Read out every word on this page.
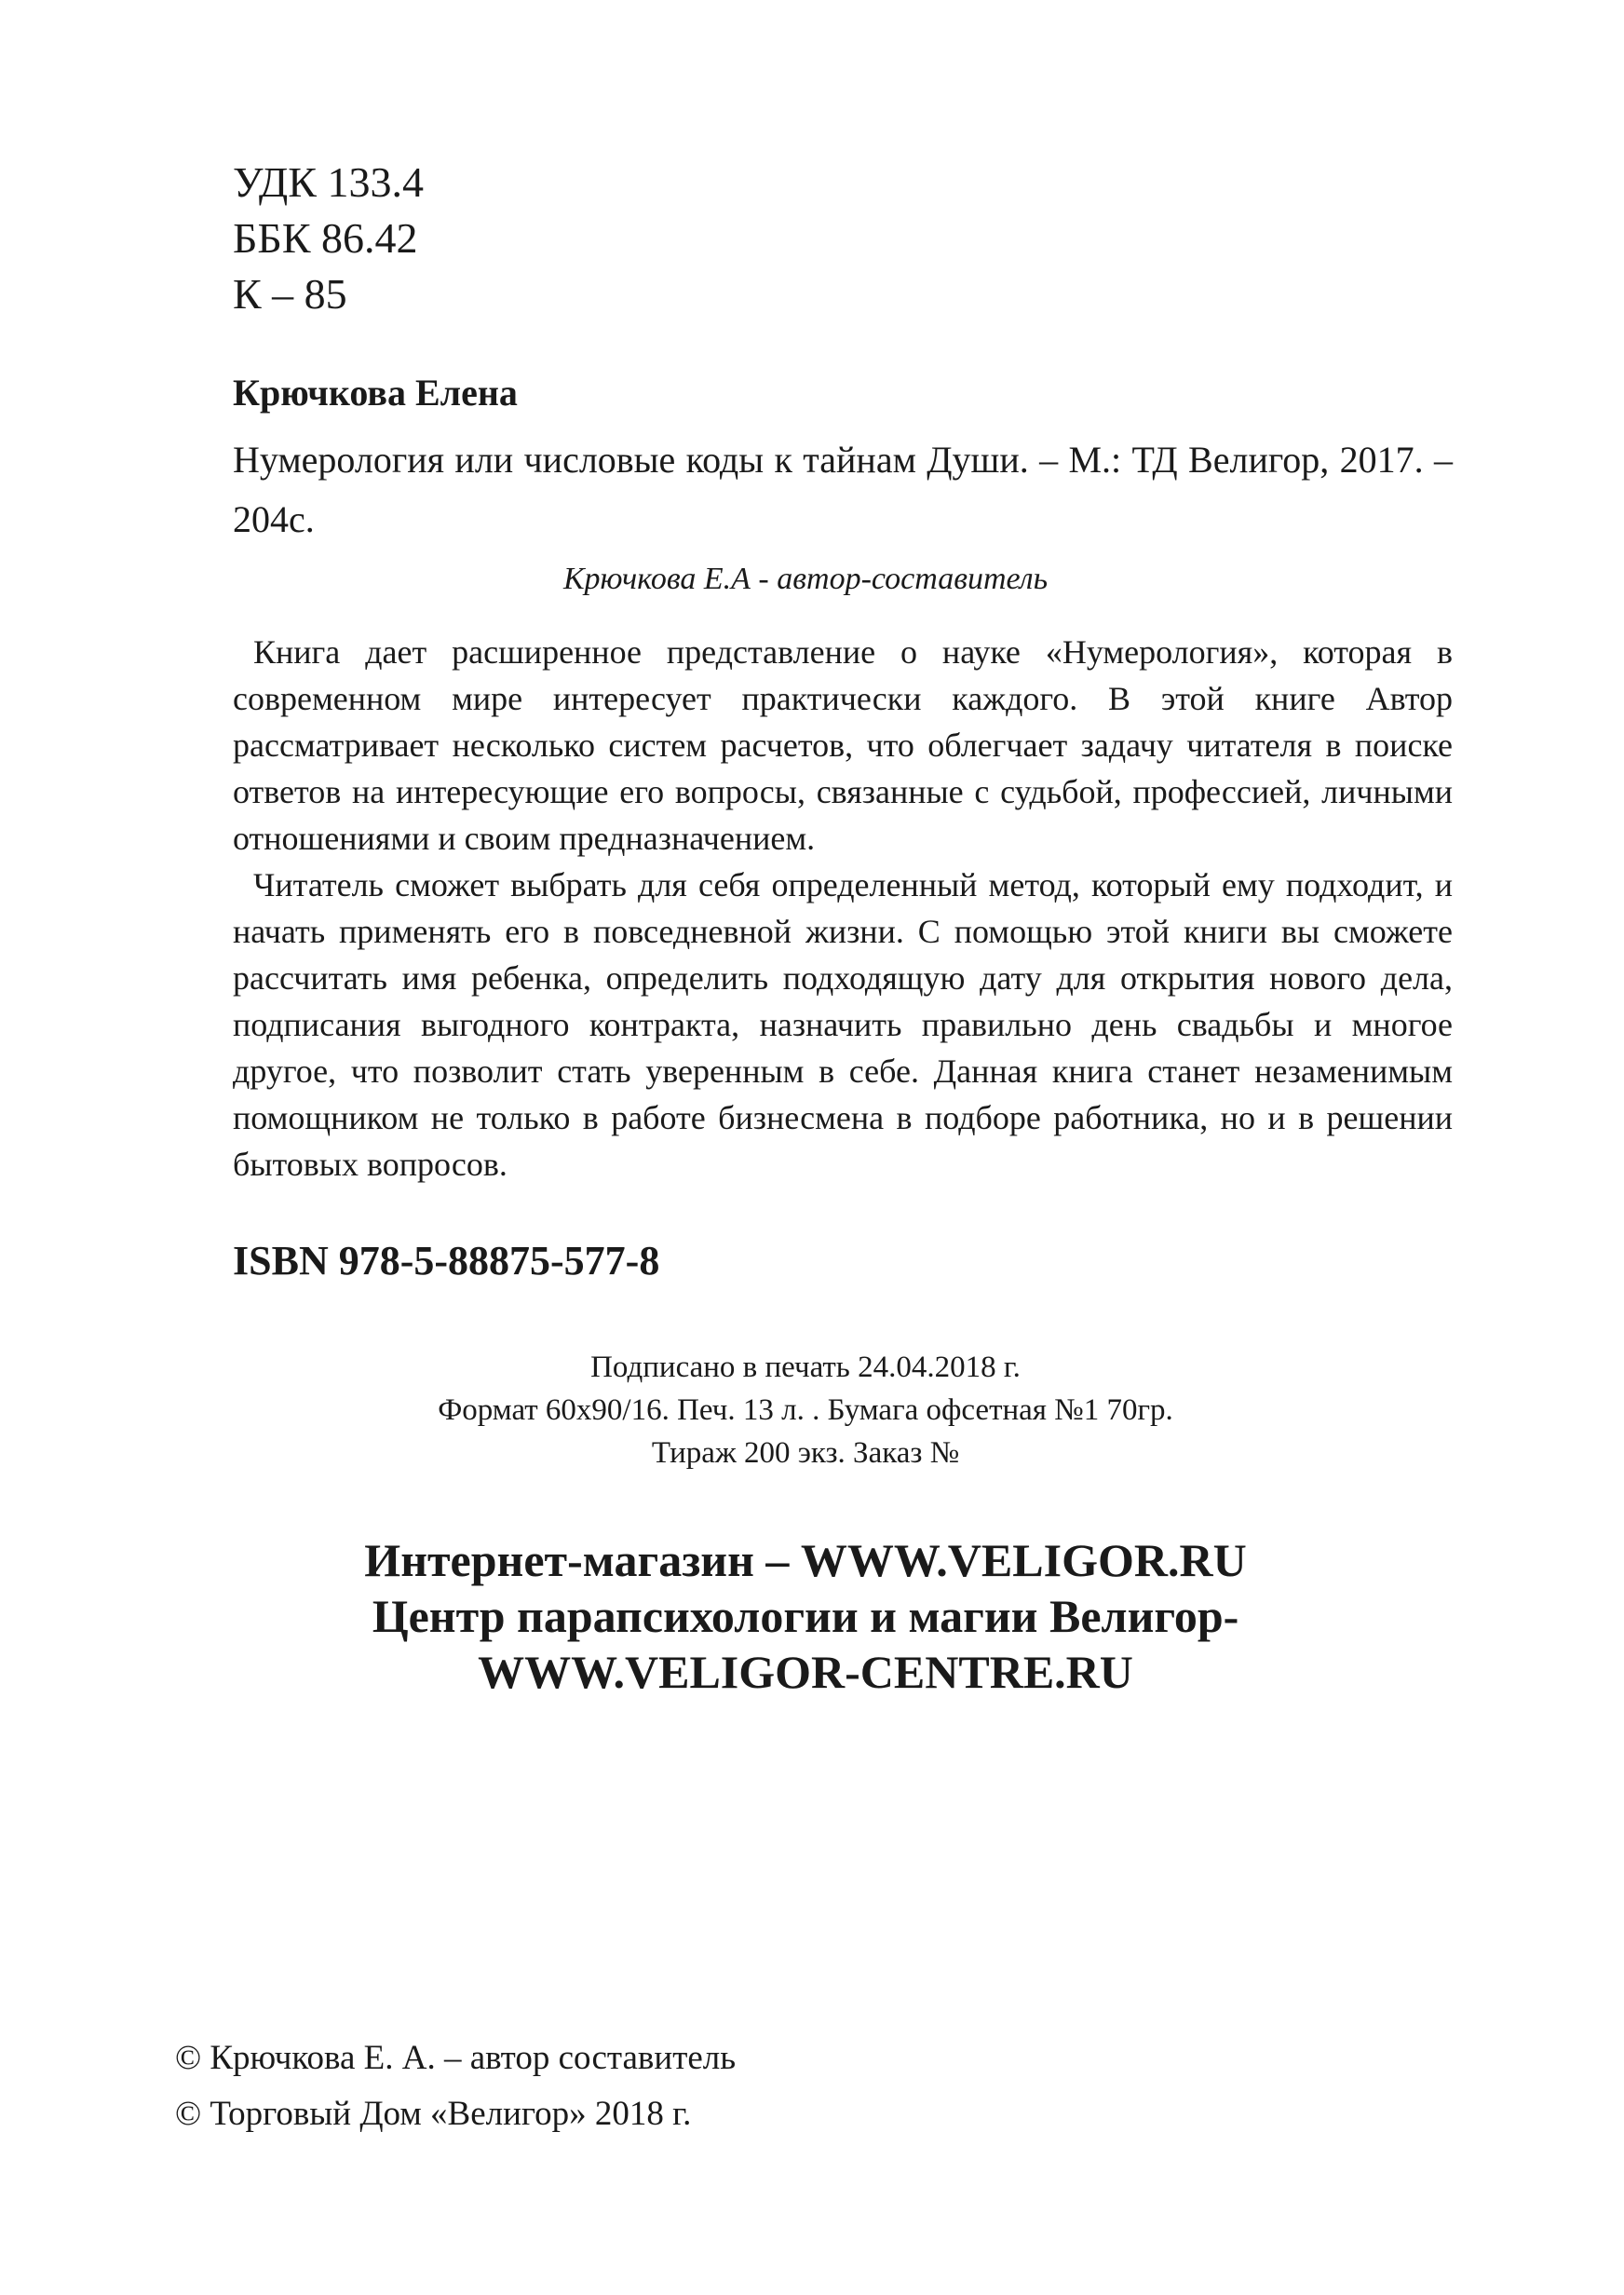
УДК 133.4
ББК 86.42
К – 85
Крючкова Елена
Нумерология или числовые коды к тайнам Души. – М.: ТД Велигор, 2017. – 204с.
Крючкова Е.А - автор-составитель

Книга дает расширенное представление о науке «Нумерология», которая в современном мире интересует практически каждого. В этой книге Автор рассматривает несколько систем расчетов, что облегчает задачу читателя в поиске ответов на интересующие его вопросы, связанные с судьбой, профессией, личными отношениями и своим предназначением.

Читатель сможет выбрать для себя определенный метод, который ему подходит, и начать применять его в повседневной жизни. С помощью этой книги вы сможете рассчитать имя ребенка, определить подходящую дату для открытия нового дела, подписания выгодного контракта, назначить правильно день свадьбы и многое другое, что позволит стать уверенным в себе. Данная книга станет незаменимым помощником не только в работе бизнесмена в подборе работника, но и в решении бытовых вопросов.

ISBN 978-5-88875-577-8
Подписано в печать 24.04.2018 г.
Формат 60х90/16. Печ. 13 л. . Бумага офсетная №1 70гр.
Тираж 200 экз. Заказ №
Интернет-магазин – WWW.VELIGOR.RU
Центр парапсихологии и магии Велигор-
WWW.VELIGOR-CENTRE.RU
© Крючкова Е. А. – автор составитель
© Торговый Дом «Велигор» 2018 г.
